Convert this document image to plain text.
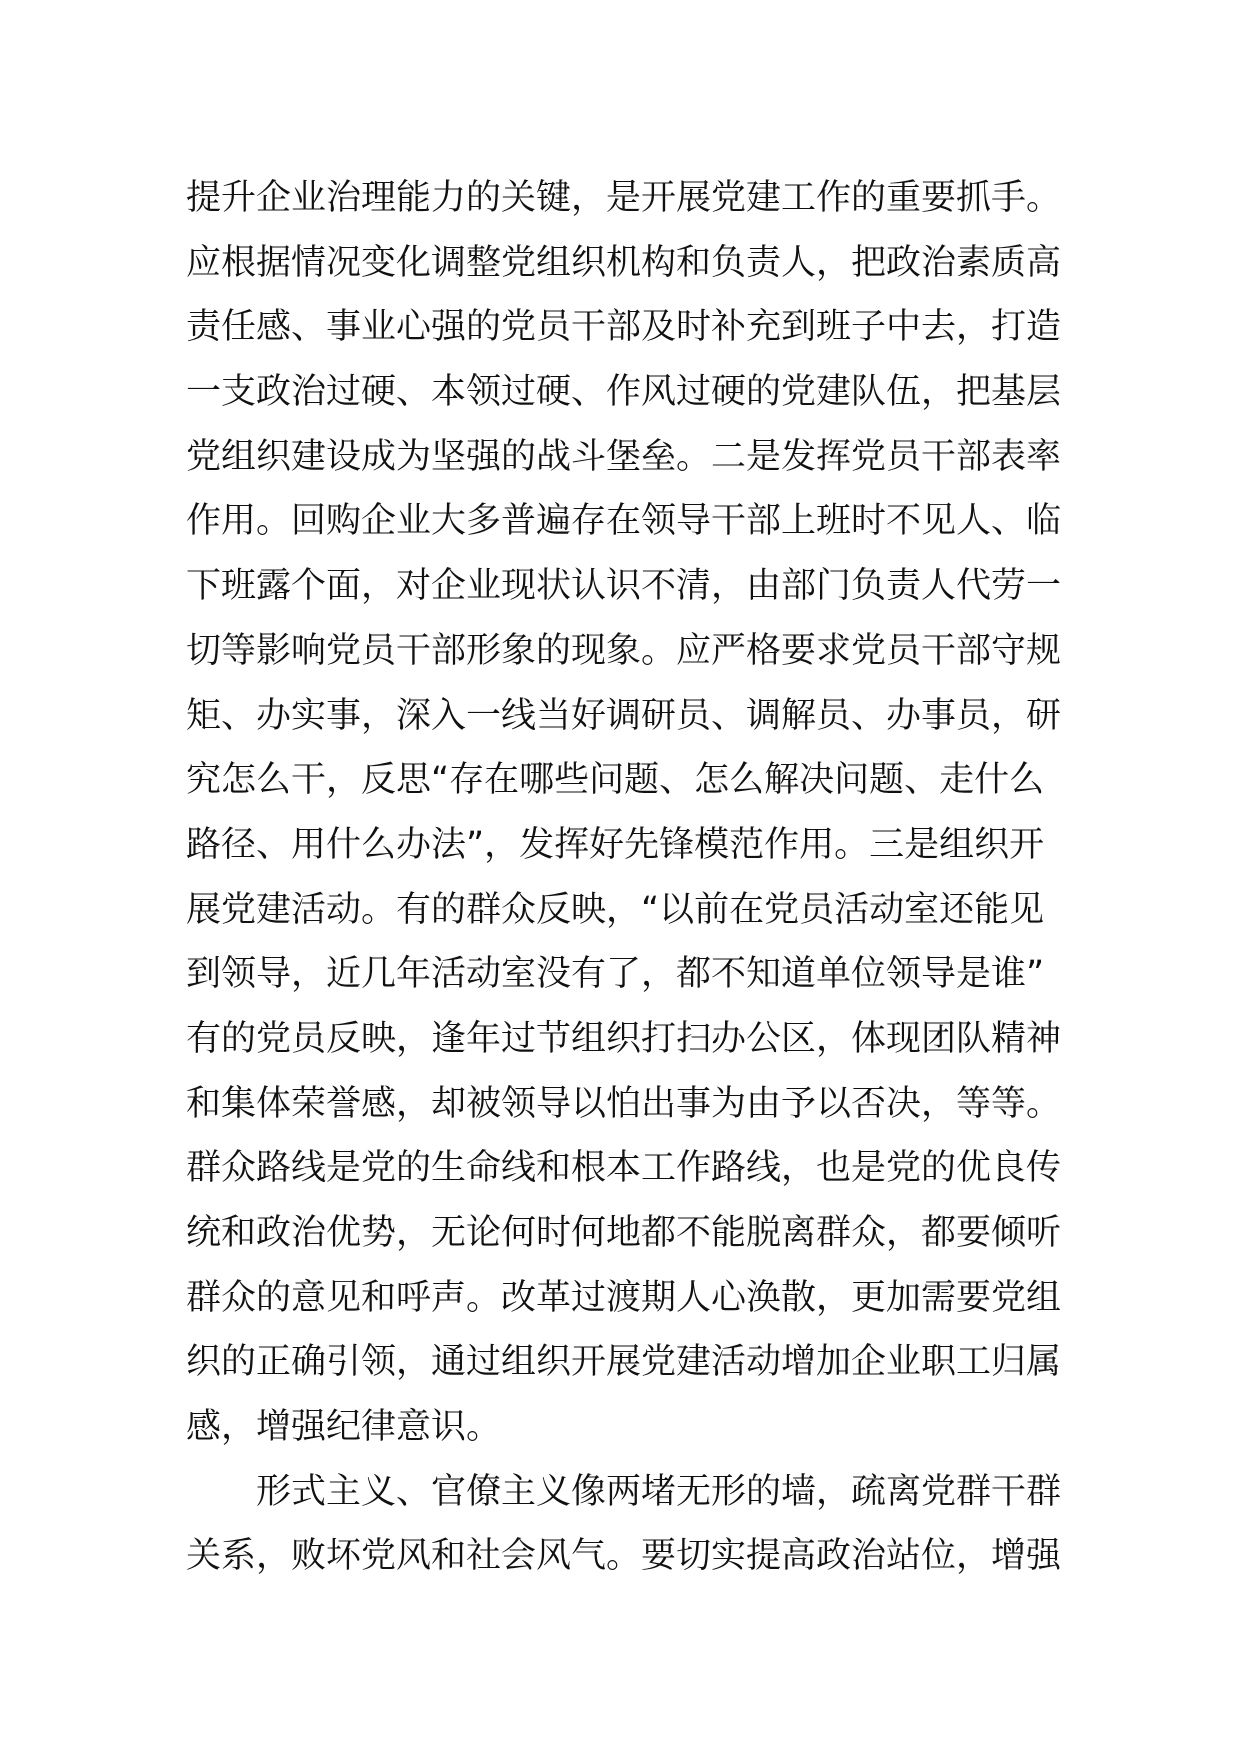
提升企业治理能力的关键，是开展党建工作的重要抓手。
应根据情况变化调整党组织机构和负责人，把政治素质高
责任感、事业心强的党员干部及时补充到班子中去，打造
一支政治过硬、本领过硬、作风过硬的党建队伍，把基层
党组织建设成为坚强的战斗堡垒。二是发挥党员干部表率
作用。回购企业大多普遍存在领导干部上班时不见人、临
下班露个面，对企业现状认识不清，由部门负责人代劳一
切等影响党员干部形象的现象。应严格要求党员干部守规
矩、办实事，深入一线当好调研员、调解员、办事员，研
究怎么干，反思“存在哪些问题、怎么解决问题、走什么
路径、用什么办法”，发挥好先锋模范作用。三是组织开
展党建活动。有的群众反映，“以前在党员活动室还能见
到领导，近几年活动室没有了，都不知道单位领导是谁”
有的党员反映，逢年过节组织打扫办公区，体现团队精神
和集体荣誉感，却被领导以怕出事为由予以否决，等等。
群众路线是党的生命线和根本工作路线，也是党的优良传
统和政治优势，无论何时何地都不能脱离群众，都要倾听
群众的意见和呼声。改革过渡期人心涣散，更加需要党组
织的正确引领，通过组织开展党建活动增加企业职工归属
感，增强纪律意识。
形式主义、官僚主义像两堵无形的墙，疏离党群干群
关系，败坏党风和社会风气。要切实提高政治站位，增强
